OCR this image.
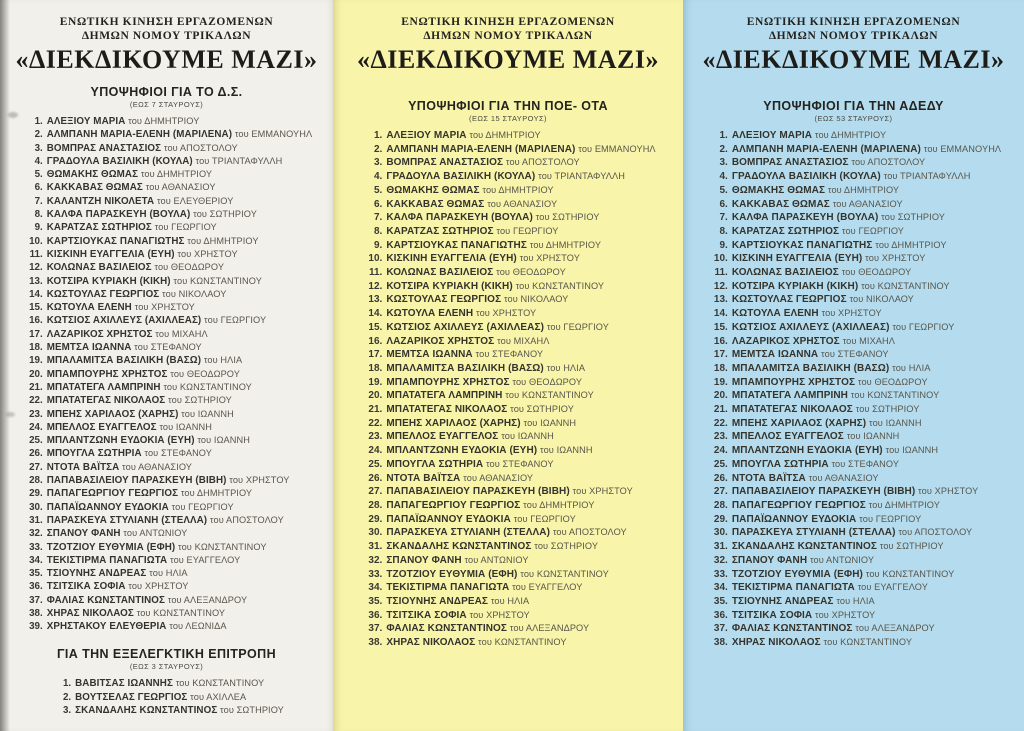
ΕΝΩΤΙΚΗ ΚΙΝΗΣΗ ΕΡΓΑΖΟΜΕΝΩΝ
ΔΗΜΩΝ ΝΟΜΟΥ ΤΡΙΚΑΛΩΝ
«ΔΙΕΚΔΙΚΟΥΜΕ ΜΑΖΙ»
ΥΠΟΨΗΦΙΟΙ ΓΙΑ ΤΟ Δ.Σ.
(ΕΩΣ 7 ΣΤΑΥΡΟΥΣ)
1. ΑΛΕΞΙΟΥ ΜΑΡΙΑ του ΔΗΜΗΤΡΙΟΥ
2. ΑΛΜΠΑΝΗ ΜΑΡΙΑ-ΕΛΕΝΗ (ΜΑΡΙΛΕΝΑ) του ΕΜΜΑΝΟΥΗΛ
3. ΒΟΜΠΡΑΣ ΑΝΑΣΤΑΣΙΟΣ του ΑΠΟΣΤΟΛΟΥ
4. ΓΡΑΔΟΥΛΑ ΒΑΣΙΛΙΚΗ (ΚΟΥΛΑ) του ΤΡΙΑΝΤΑΦΥΛΛΗ
5. ΘΩΜΑΚΗΣ ΘΩΜΑΣ του ΔΗΜΗΤΡΙΟΥ
6. ΚΑΚΚΑΒΑΣ ΘΩΜΑΣ του ΑΘΑΝΑΣΙΟΥ
7. ΚΑΛΑΝΤΖΗ ΝΙΚΟΛΕΤΑ του ΕΛΕΥΘΕΡΙΟΥ
8. ΚΑΛΦΑ ΠΑΡΑΣΚΕΥΗ (ΒΟΥΛΑ) του ΣΩΤΗΡΙΟΥ
9. ΚΑΡΑΤΖΑΣ ΣΩΤΗΡΙΟΣ του ΓΕΩΡΓΙΟΥ
10. ΚΑΡΤΣΙΟΥΚΑΣ ΠΑΝΑΓΙΩΤΗΣ του ΔΗΜΗΤΡΙΟΥ
11. ΚΙΣΚΙΝΗ ΕΥΑΓΓΕΛΙΑ (ΕΥΗ) του ΧΡΗΣΤΟΥ
12. ΚΟΛΩΝΑΣ ΒΑΣΙΛΕΙΟΣ του ΘΕΟΔΩΡΟΥ
13. ΚΟΤΣΙΡΑ ΚΥΡΙΑΚΗ (ΚΙΚΗ) του ΚΩΝΣΤΑΝΤΙΝΟΥ
14. ΚΩΣΤΟΥΛΑΣ ΓΕΩΡΓΙΟΣ του ΝΙΚΟΛΑΟΥ
15. ΚΩΤΟΥΛΑ ΕΛΕΝΗ του ΧΡΗΣΤΟΥ
16. ΚΩΤΣΙΟΣ ΑΧΙΛΛΕΥΣ (ΑΧΙΛΛΕΑΣ) του ΓΕΩΡΓΙΟΥ
17. ΛΑΖΑΡΙΚΟΣ ΧΡΗΣΤΟΣ του ΜΙΧΑΗΛ
18. ΜΕΜΤΣΑ ΙΩΑΝΝΑ του ΣΤΕΦΑΝΟΥ
19. ΜΠΑΛΑΜΙΤΣΑ ΒΑΣΙΛΙΚΗ (ΒΑΣΩ) του ΗΛΙΑ
20. ΜΠΑΜΠΟΥΡΗΣ ΧΡΗΣΤΟΣ του ΘΕΟΔΩΡΟΥ
21. ΜΠΑΤΑΤΕΓΑ ΛΑΜΠΡΙΝΗ του ΚΩΝΣΤΑΝΤΙΝΟΥ
22. ΜΠΑΤΑΤΕΓΑΣ ΝΙΚΟΛΑΟΣ του ΣΩΤΗΡΙΟΥ
23. ΜΠΕΗΣ ΧΑΡΙΛΑΟΣ (ΧΑΡΗΣ) του ΙΩΑΝΝΗ
24. ΜΠΕΛΛΟΣ ΕΥΑΓΓΕΛΟΣ του ΙΩΑΝΝΗ
25. ΜΠΛΑΝΤΖΩΝΗ ΕΥΔΟΚΙΑ (ΕΥΗ) του ΙΩΑΝΝΗ
26. ΜΠΟΥΓΛΑ ΣΩΤΗΡΙΑ του ΣΤΕΦΑΝΟΥ
27. ΝΤΟΤΑ ΒΑΪΤΣΑ του ΑΘΑΝΑΣΙΟΥ
28. ΠΑΠΑΒΑΣΙΛΕΙΟΥ ΠΑΡΑΣΚΕΥΗ (ΒΙΒΗ) του ΧΡΗΣΤΟΥ
29. ΠΑΠΑΓΕΩΡΓΙΟΥ ΓΕΩΡΓΙΟΣ του ΔΗΜΗΤΡΙΟΥ
30. ΠΑΠΑΪΩΑΝΝΟΥ ΕΥΔΟΚΙΑ του ΓΕΩΡΓΙΟΥ
31. ΠΑΡΑΣΚΕΥΑ ΣΤΥΛΙΑΝΗ (ΣΤΕΛΛΑ) του ΑΠΟΣΤΟΛΟΥ
32. ΣΠΑΝΟΥ ΦΑΝΗ του ΑΝΤΩΝΙΟΥ
33. ΤΖΟΤΖΙΟΥ ΕΥΘΥΜΙΑ (ΕΦΗ) του ΚΩΝΣΤΑΝΤΙΝΟΥ
34. ΤΕΚΙΣΤΙΡΜΑ ΠΑΝΑΓΙΩΤΑ του ΕΥΑΓΓΕΛΟΥ
35. ΤΣΙΟΥΝΗΣ ΑΝΔΡΕΑΣ του ΗΛΙΑ
36. ΤΣΙΤΣΙΚΑ ΣΟΦΙΑ του ΧΡΗΣΤΟΥ
37. ΦΑΛΙΑΣ ΚΩΝΣΤΑΝΤΙΝΟΣ του ΑΛΕΞΑΝΔΡΟΥ
38. ΧΗΡΑΣ ΝΙΚΟΛΑΟΣ του ΚΩΝΣΤΑΝΤΙΝΟΥ
39. ΧΡΗΣΤΑΚΟΥ ΕΛΕΥΘΕΡΙΑ του ΛΕΩΝΙΔΑ
ΓΙΑ ΤΗΝ ΕΞΕΛΕΓΚΤΙΚΗ ΕΠΙΤΡΟΠΗ
(ΕΩΣ 3 ΣΤΑΥΡΟΥΣ)
1. ΒΑΒΙΤΣΑΣ ΙΩΑΝΝΗΣ του ΚΩΝΣΤΑΝΤΙΝΟΥ
2. ΒΟΥΤΣΕΛΑΣ ΓΕΩΡΓΙΟΣ του ΑΧΙΛΛΕΑ
3. ΣΚΑΝΔΑΛΗΣ ΚΩΝΣΤΑΝΤΙΝΟΣ του ΣΩΤΗΡΙΟΥ
ΕΝΩΤΙΚΗ ΚΙΝΗΣΗ ΕΡΓΑΖΟΜΕΝΩΝ
ΔΗΜΩΝ ΝΟΜΟΥ ΤΡΙΚΑΛΩΝ
«ΔΙΕΚΔΙΚΟΥΜΕ ΜΑΖΙ»
ΥΠΟΨΗΦΙΟΙ ΓΙΑ ΤΗΝ ΠΟΕ- ΟΤΑ
(ΕΩΣ 15 ΣΤΑΥΡΟΥΣ)
1. ΑΛΕΞΙΟΥ ΜΑΡΙΑ του ΔΗΜΗΤΡΙΟΥ
2. ΑΛΜΠΑΝΗ ΜΑΡΙΑ-ΕΛΕΝΗ (ΜΑΡΙΛΕΝΑ) του ΕΜΜΑΝΟΥΗΛ
3. ΒΟΜΠΡΑΣ ΑΝΑΣΤΑΣΙΟΣ του ΑΠΟΣΤΟΛΟΥ
4. ΓΡΑΔΟΥΛΑ ΒΑΣΙΛΙΚΗ (ΚΟΥΛΑ) του ΤΡΙΑΝΤΑΦΥΛΛΗ
5. ΘΩΜΑΚΗΣ ΘΩΜΑΣ του ΔΗΜΗΤΡΙΟΥ
6. ΚΑΚΚΑΒΑΣ ΘΩΜΑΣ του ΑΘΑΝΑΣΙΟΥ
7. ΚΑΛΦΑ ΠΑΡΑΣΚΕΥΗ (ΒΟΥΛΑ) του ΣΩΤΗΡΙΟΥ
8. ΚΑΡΑΤΖΑΣ ΣΩΤΗΡΙΟΣ του ΓΕΩΡΓΙΟΥ
9. ΚΑΡΤΣΙΟΥΚΑΣ ΠΑΝΑΓΙΩΤΗΣ του ΔΗΜΗΤΡΙΟΥ
10. ΚΙΣΚΙΝΗ ΕΥΑΓΓΕΛΙΑ (ΕΥΗ) του ΧΡΗΣΤΟΥ
11. ΚΟΛΩΝΑΣ ΒΑΣΙΛΕΙΟΣ του ΘΕΟΔΩΡΟΥ
12. ΚΟΤΣΙΡΑ ΚΥΡΙΑΚΗ (ΚΙΚΗ) του ΚΩΝΣΤΑΝΤΙΝΟΥ
13. ΚΩΣΤΟΥΛΑΣ ΓΕΩΡΓΙΟΣ του ΝΙΚΟΛΑΟΥ
14. ΚΩΤΟΥΛΑ ΕΛΕΝΗ του ΧΡΗΣΤΟΥ
15. ΚΩΤΣΙΟΣ ΑΧΙΛΛΕΥΣ (ΑΧΙΛΛΕΑΣ) του ΓΕΩΡΓΙΟΥ
16. ΛΑΖΑΡΙΚΟΣ ΧΡΗΣΤΟΣ του ΜΙΧΑΗΛ
17. ΜΕΜΤΣΑ ΙΩΑΝΝΑ του ΣΤΕΦΑΝΟΥ
18. ΜΠΑΛΑΜΙΤΣΑ ΒΑΣΙΛΙΚΗ (ΒΑΣΩ) του ΗΛΙΑ
19. ΜΠΑΜΠΟΥΡΗΣ ΧΡΗΣΤΟΣ του ΘΕΟΔΩΡΟΥ
20. ΜΠΑΤΑΤΕΓΑ ΛΑΜΠΡΙΝΗ του ΚΩΝΣΤΑΝΤΙΝΟΥ
21. ΜΠΑΤΑΤΕΓΑΣ ΝΙΚΟΛΑΟΣ του ΣΩΤΗΡΙΟΥ
22. ΜΠΕΗΣ ΧΑΡΙΛΑΟΣ (ΧΑΡΗΣ) του ΙΩΑΝΝΗ
23. ΜΠΕΛΛΟΣ ΕΥΑΓΓΕΛΟΣ του ΙΩΑΝΝΗ
24. ΜΠΛΑΝΤΖΩΝΗ ΕΥΔΟΚΙΑ (ΕΥΗ) του ΙΩΑΝΝΗ
25. ΜΠΟΥΓΛΑ ΣΩΤΗΡΙΑ του ΣΤΕΦΑΝΟΥ
26. ΝΤΟΤΑ ΒΑΪΤΣΑ του ΑΘΑΝΑΣΙΟΥ
27. ΠΑΠΑΒΑΣΙΛΕΙΟΥ ΠΑΡΑΣΚΕΥΗ (ΒΙΒΗ) του ΧΡΗΣΤΟΥ
28. ΠΑΠΑΓΕΩΡΓΙΟΥ ΓΕΩΡΓΙΟΣ του ΔΗΜΗΤΡΙΟΥ
29. ΠΑΠΑΪΩΑΝΝΟΥ ΕΥΔΟΚΙΑ του ΓΕΩΡΓΙΟΥ
30. ΠΑΡΑΣΚΕΥΑ ΣΤΥΛΙΑΝΗ (ΣΤΕΛΛΑ) του ΑΠΟΣΤΟΛΟΥ
31. ΣΚΑΝΔΑΛΗΣ ΚΩΝΣΤΑΝΤΙΝΟΣ του ΣΩΤΗΡΙΟΥ
32. ΣΠΑΝΟΥ ΦΑΝΗ του ΑΝΤΩΝΙΟΥ
33. ΤΖΟΤΖΙΟΥ ΕΥΘΥΜΙΑ (ΕΦΗ) του ΚΩΝΣΤΑΝΤΙΝΟΥ
34. ΤΕΚΙΣΤΙΡΜΑ ΠΑΝΑΓΙΩΤΑ του ΕΥΑΓΓΕΛΟΥ
35. ΤΣΙΟΥΝΗΣ ΑΝΔΡΕΑΣ του ΗΛΙΑ
36. ΤΣΙΤΣΙΚΑ ΣΟΦΙΑ του ΧΡΗΣΤΟΥ
37. ΦΑΛΙΑΣ ΚΩΝΣΤΑΝΤΙΝΟΣ του ΑΛΕΞΑΝΔΡΟΥ
38. ΧΗΡΑΣ ΝΙΚΟΛΑΟΣ του ΚΩΝΣΤΑΝΤΙΝΟΥ
ΕΝΩΤΙΚΗ ΚΙΝΗΣΗ ΕΡΓΑΖΟΜΕΝΩΝ
ΔΗΜΩΝ ΝΟΜΟΥ ΤΡΙΚΑΛΩΝ
«ΔΙΕΚΔΙΚΟΥΜΕ ΜΑΖΙ»
ΥΠΟΨΗΦΙΟΙ ΓΙΑ ΤΗΝ ΑΔΕΔΥ
(ΕΩΣ 53 ΣΤΑΥΡΟΥΣ)
1. ΑΛΕΞΙΟΥ ΜΑΡΙΑ του ΔΗΜΗΤΡΙΟΥ
2. ΑΛΜΠΑΝΗ ΜΑΡΙΑ-ΕΛΕΝΗ (ΜΑΡΙΛΕΝΑ) του ΕΜΜΑΝΟΥΗΛ
3. ΒΟΜΠΡΑΣ ΑΝΑΣΤΑΣΙΟΣ του ΑΠΟΣΤΟΛΟΥ
4. ΓΡΑΔΟΥΛΑ ΒΑΣΙΛΙΚΗ (ΚΟΥΛΑ) του ΤΡΙΑΝΤΑΦΥΛΛΗ
5. ΘΩΜΑΚΗΣ ΘΩΜΑΣ του ΔΗΜΗΤΡΙΟΥ
6. ΚΑΚΚΑΒΑΣ ΘΩΜΑΣ του ΑΘΑΝΑΣΙΟΥ
7. ΚΑΛΦΑ ΠΑΡΑΣΚΕΥΗ (ΒΟΥΛΑ) του ΣΩΤΗΡΙΟΥ
8. ΚΑΡΑΤΖΑΣ ΣΩΤΗΡΙΟΣ του ΓΕΩΡΓΙΟΥ
9. ΚΑΡΤΣΙΟΥΚΑΣ ΠΑΝΑΓΙΩΤΗΣ του ΔΗΜΗΤΡΙΟΥ
10. ΚΙΣΚΙΝΗ ΕΥΑΓΓΕΛΙΑ (ΕΥΗ) του ΧΡΗΣΤΟΥ
11. ΚΟΛΩΝΑΣ ΒΑΣΙΛΕΙΟΣ του ΘΕΟΔΩΡΟΥ
12. ΚΟΤΣΙΡΑ ΚΥΡΙΑΚΗ (ΚΙΚΗ) του ΚΩΝΣΤΑΝΤΙΝΟΥ
13. ΚΩΣΤΟΥΛΑΣ ΓΕΩΡΓΙΟΣ του ΝΙΚΟΛΑΟΥ
14. ΚΩΤΟΥΛΑ ΕΛΕΝΗ του ΧΡΗΣΤΟΥ
15. ΚΩΤΣΙΟΣ ΑΧΙΛΛΕΥΣ (ΑΧΙΛΛΕΑΣ) του ΓΕΩΡΓΙΟΥ
16. ΛΑΖΑΡΙΚΟΣ ΧΡΗΣΤΟΣ του ΜΙΧΑΗΛ
17. ΜΕΜΤΣΑ ΙΩΑΝΝΑ του ΣΤΕΦΑΝΟΥ
18. ΜΠΑΛΑΜΙΤΣΑ ΒΑΣΙΛΙΚΗ (ΒΑΣΩ) του ΗΛΙΑ
19. ΜΠΑΜΠΟΥΡΗΣ ΧΡΗΣΤΟΣ του ΘΕΟΔΩΡΟΥ
20. ΜΠΑΤΑΤΕΓΑ ΛΑΜΠΡΙΝΗ του ΚΩΝΣΤΑΝΤΙΝΟΥ
21. ΜΠΑΤΑΤΕΓΑΣ ΝΙΚΟΛΑΟΣ του ΣΩΤΗΡΙΟΥ
22. ΜΠΕΗΣ ΧΑΡΙΛΑΟΣ (ΧΑΡΗΣ) του ΙΩΑΝΝΗ
23. ΜΠΕΛΛΟΣ ΕΥΑΓΓΕΛΟΣ του ΙΩΑΝΝΗ
24. ΜΠΛΑΝΤΖΩΝΗ ΕΥΔΟΚΙΑ (ΕΥΗ) του ΙΩΑΝΝΗ
25. ΜΠΟΥΓΛΑ ΣΩΤΗΡΙΑ του ΣΤΕΦΑΝΟΥ
26. ΝΤΟΤΑ ΒΑΪΤΣΑ του ΑΘΑΝΑΣΙΟΥ
27. ΠΑΠΑΒΑΣΙΛΕΙΟΥ ΠΑΡΑΣΚΕΥΗ (ΒΙΒΗ) του ΧΡΗΣΤΟΥ
28. ΠΑΠΑΓΕΩΡΓΙΟΥ ΓΕΩΡΓΙΟΣ του ΔΗΜΗΤΡΙΟΥ
29. ΠΑΠΑΪΩΑΝΝΟΥ ΕΥΔΟΚΙΑ του ΓΕΩΡΓΙΟΥ
30. ΠΑΡΑΣΚΕΥΑ ΣΤΥΛΙΑΝΗ (ΣΤΕΛΛΑ) του ΑΠΟΣΤΟΛΟΥ
31. ΣΚΑΝΔΑΛΗΣ ΚΩΝΣΤΑΝΤΙΝΟΣ του ΣΩΤΗΡΙΟΥ
32. ΣΠΑΝΟΥ ΦΑΝΗ του ΑΝΤΩΝΙΟΥ
33. ΤΖΟΤΖΙΟΥ ΕΥΘΥΜΙΑ (ΕΦΗ) του ΚΩΝΣΤΑΝΤΙΝΟΥ
34. ΤΕΚΙΣΤΙΡΜΑ ΠΑΝΑΓΙΩΤΑ του ΕΥΑΓΓΕΛΟΥ
35. ΤΣΙΟΥΝΗΣ ΑΝΔΡΕΑΣ του ΗΛΙΑ
36. ΤΣΙΤΣΙΚΑ ΣΟΦΙΑ του ΧΡΗΣΤΟΥ
37. ΦΑΛΙΑΣ ΚΩΝΣΤΑΝΤΙΝΟΣ του ΑΛΕΞΑΝΔΡΟΥ
38. ΧΗΡΑΣ ΝΙΚΟΛΑΟΣ του ΚΩΝΣΤΑΝΤΙΝΟΥ
